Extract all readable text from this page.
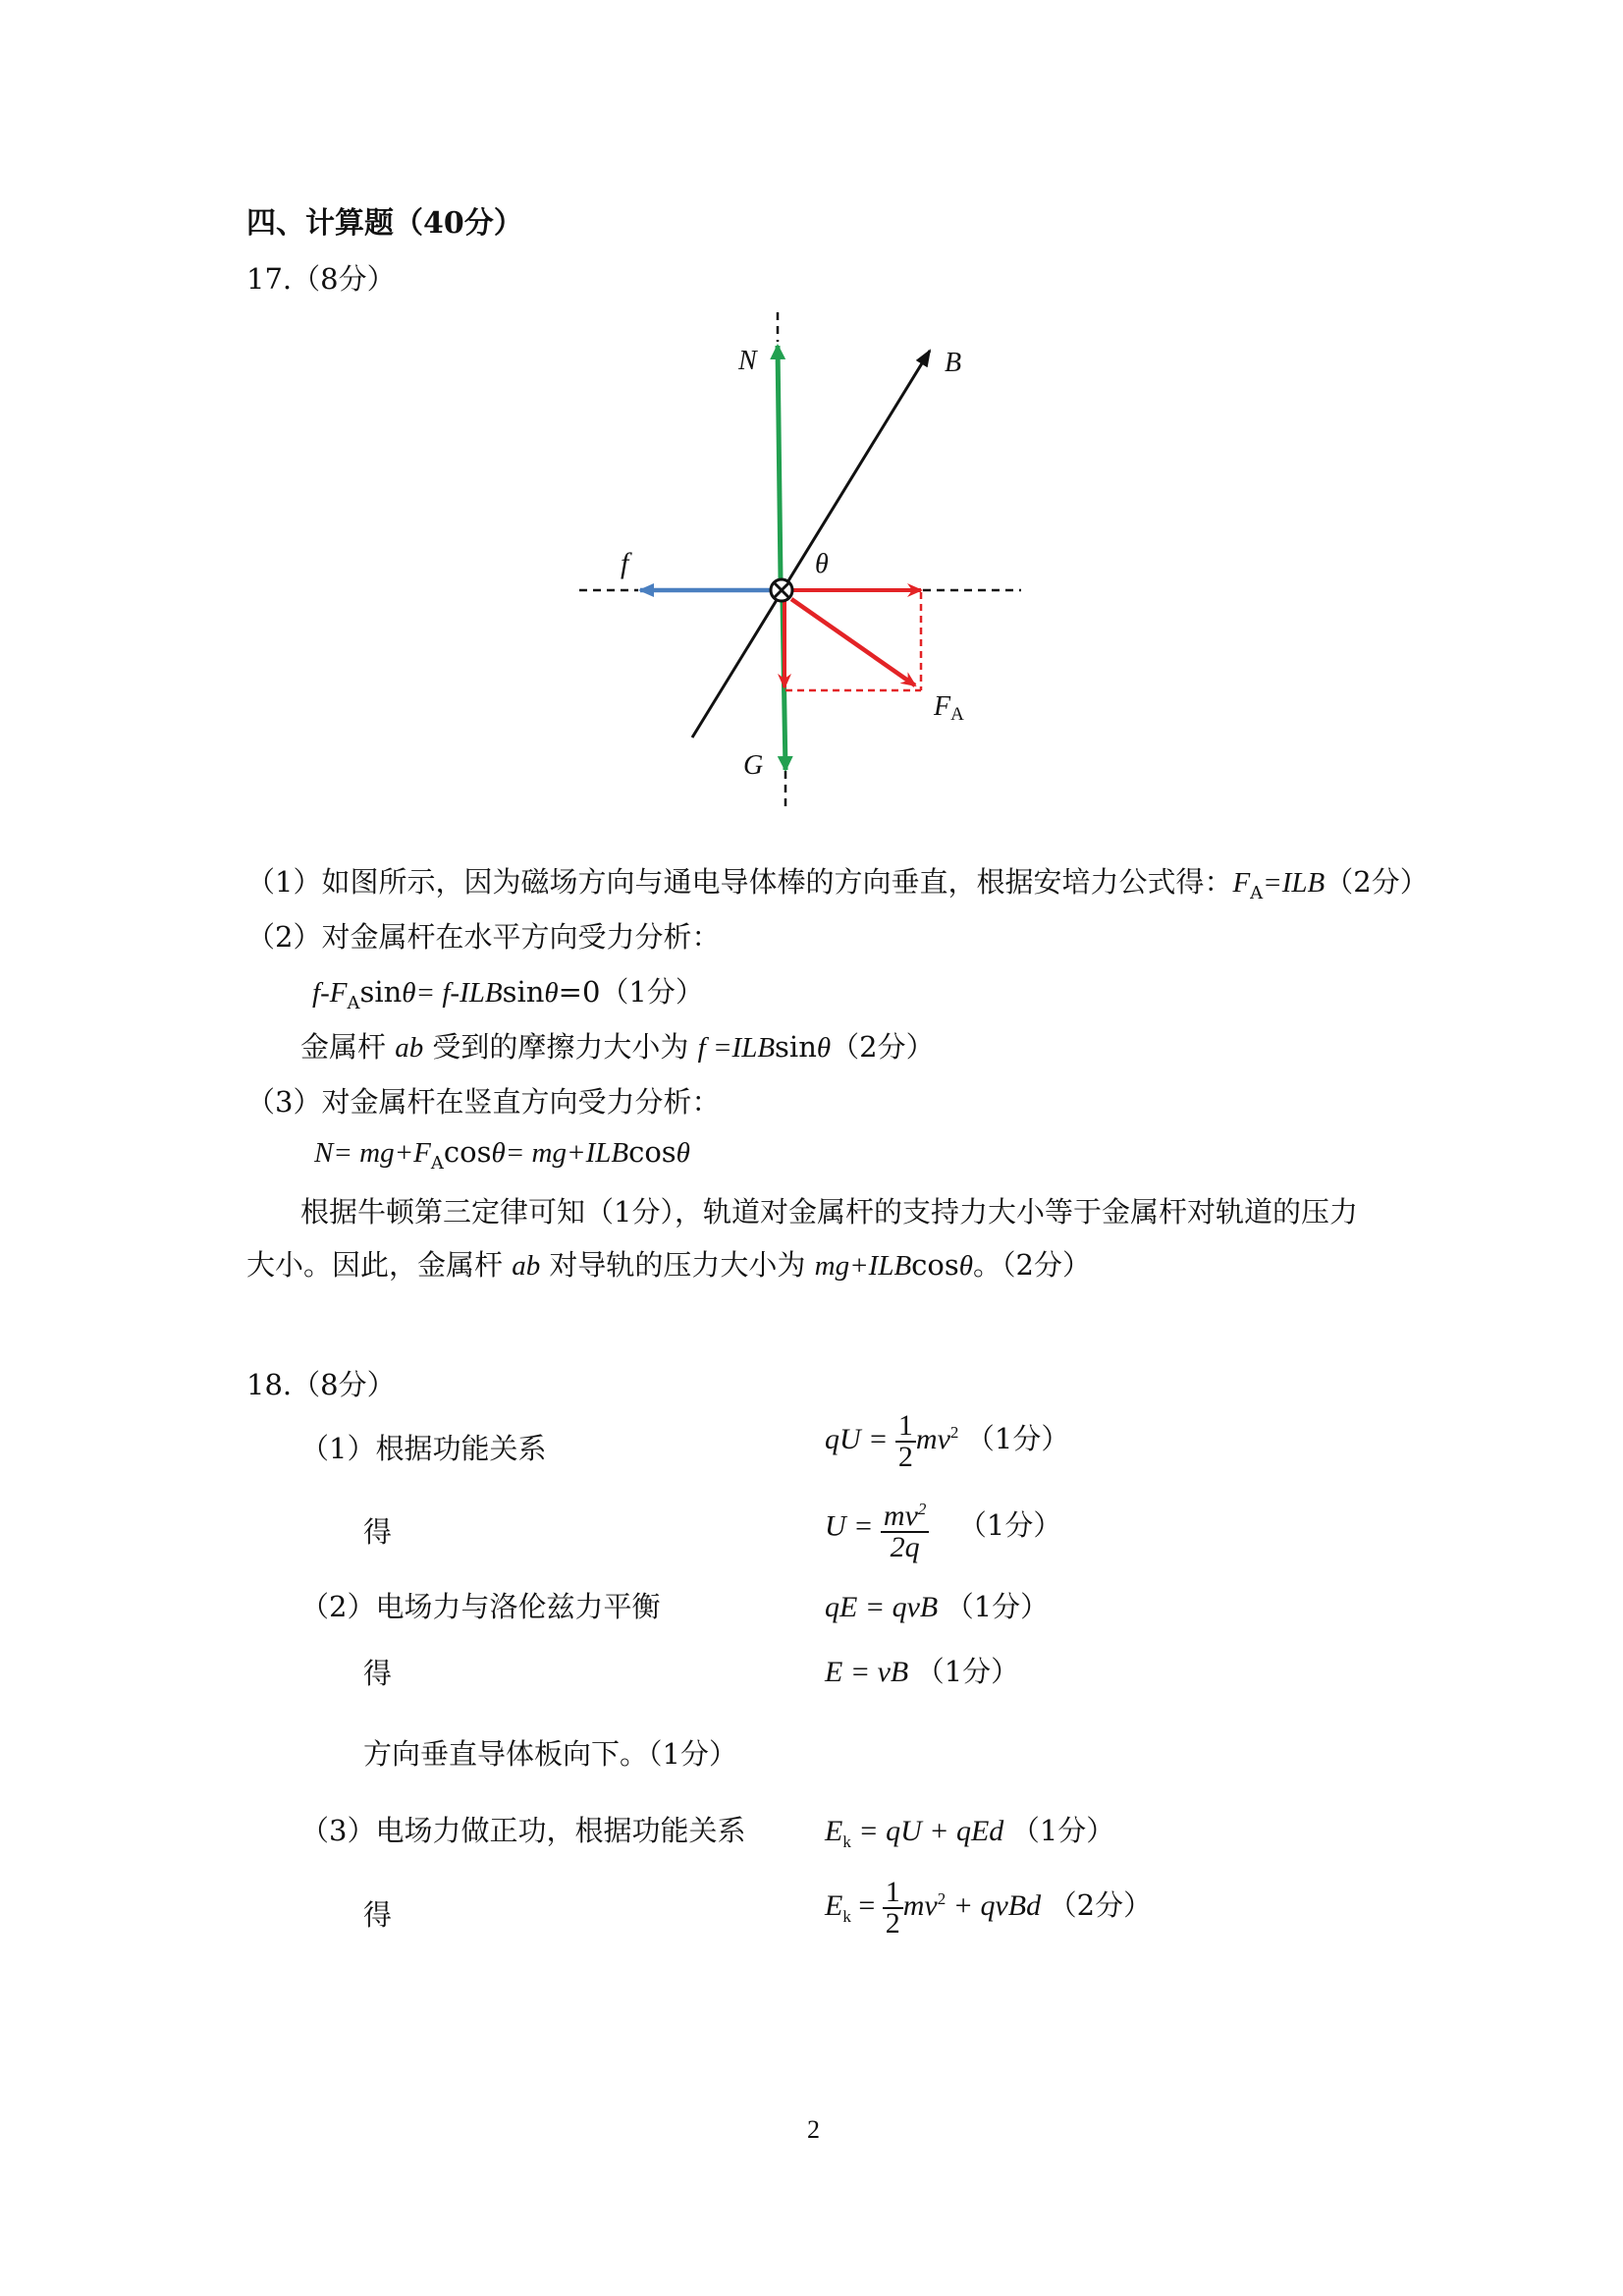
四、计算题（40分）
17.（8分）
N	B
f	θ
G
FA
（1）如图所示，因为磁场方向与通电导体棒的方向垂直，根据安培力公式得：$F_A=ILB(2$分）
（2）对金属杆在水平方向受力分析：
$f-F_A\sin\theta= f-ILBsin\theta=0(1$分）
金属杆 ab 受到的摩擦力大小为 f =ILBsinθ（2分）
（3）对金属杆在竖直方向受力分析：
$N= mg+F_A\cos\theta= mg+ILBcos\theta$
根据牛顿第三定律可知（1分），轨道对金属杆的支持力大小等于金属杆对轨道的压力
大小。因此，金属杆 ab 对导轨的压力大小为 mg+ILBcosθ。（2分）
18.（8分）
（1）根据功能关系	qU = $\frac{1}{2} mv^2$ （1分）
得	$U = \frac{mv^2}{2q} (1$分）
（2）电场力与洛伦兹力平衡	qE = qvB （1分）
得	E = vB （1分）
方向垂直导体板向下。（1分）
（3）电场力做正功，根据功能关系	$E_k$ = qU + qEd （1分）
得	$E_k = \frac{1}{2} mv^2$ + qvBd （2分）
2
